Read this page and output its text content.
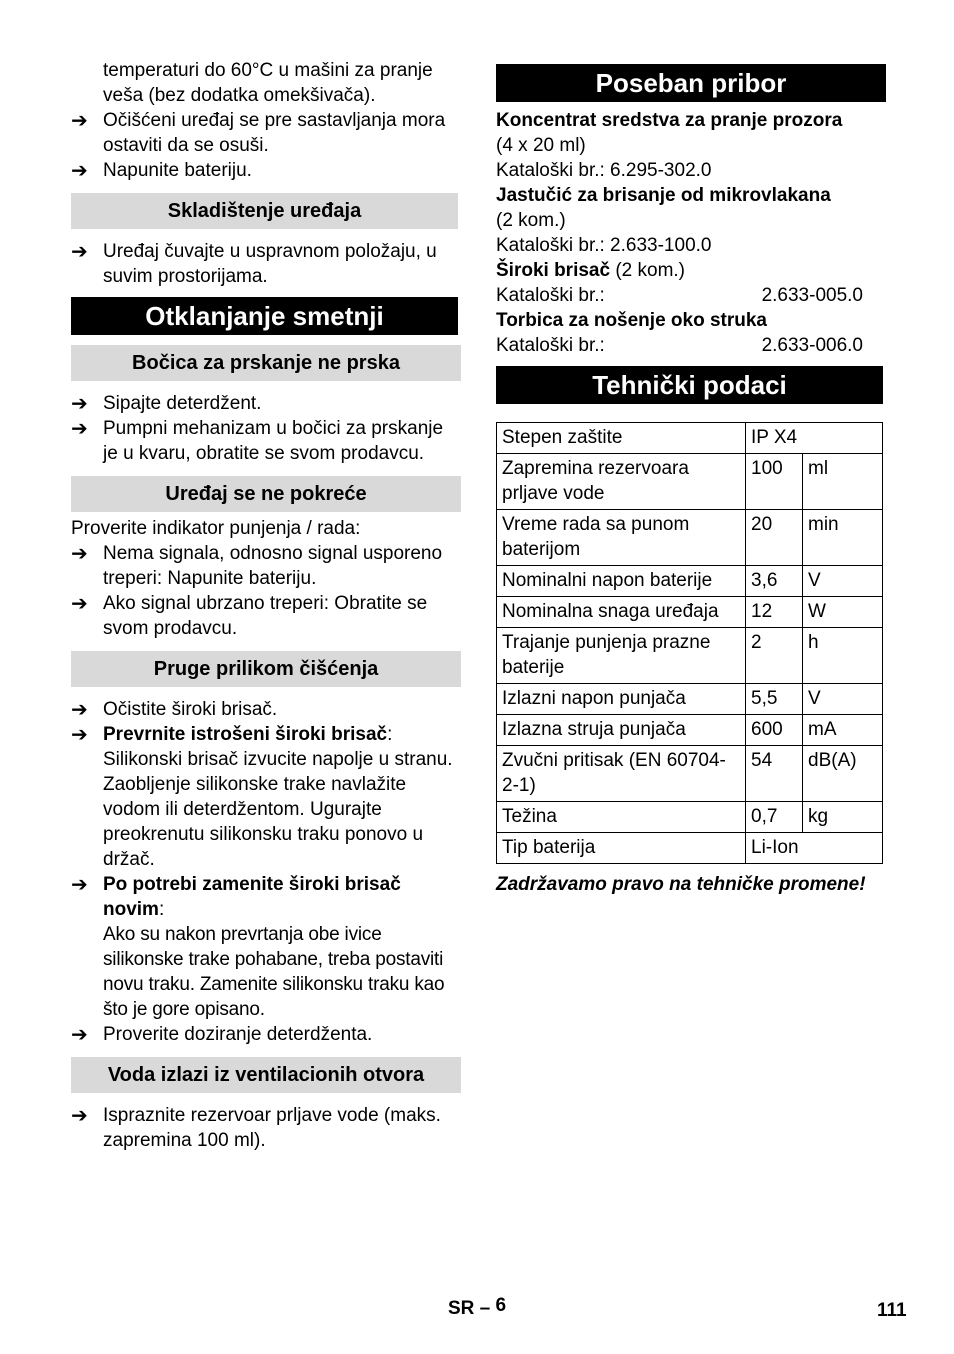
temperaturi do 60°C u mašini za pranje veša (bez dodatka omekšivača).
➔ Očišćeni uređaj se pre sastavljanja mora ostaviti da se osuši.
➔ Napunite bateriju.
Skladištenje uređaja
➔ Uređaj čuvajte u uspravnom položaju, u suvim prostorijama.
Otklanjanje smetnji
Bočica za prskanje ne prska
➔ Sipajte deterdžent.
➔ Pumpni mehanizam u bočici za prskanje je u kvaru, obratite se svom prodavcu.
Uređaj se ne pokreće
Proverite indikator punjenja / rada:
➔ Nema signala, odnosno signal usporeno treperi: Napunite bateriju.
➔ Ako signal ubrzano treperi: Obratite se svom prodavcu.
Pruge prilikom čišćenja
➔ Očistite široki brisač.
➔ Prevrnite istrošeni široki brisač:
Silikonski brisač izvucite napolje u stranu. Zaobljenje silikonske trake navlažite vodom ili deterdžentom. Ugurajte preokrenutu silikonsku traku ponovo u držač.
➔ Po potrebi zamenite široki brisač novim:
Ako su nakon prevrtanja obe ivice silikonske trake pohabane, treba postaviti novu traku. Zamenite silikonsku traku kao što je gore opisano.
➔ Proverite doziranje deterdženta.
Voda izlazi iz ventilacionih otvora
➔ Ispraznite rezervoar prljave vode (maks. zapremina 100 ml).
Poseban pribor
Koncentrat sredstva za pranje prozora
(4 x 20 ml)
Kataloški br.: 6.295-302.0
Jastučić za brisanje od mikrovlakana
(2 kom.)
Kataloški br.: 2.633-100.0
Široki brisač (2 kom.)
Kataloški br.:	2.633-005.0
Torbica za nošenje oko struka
Kataloški br.:	2.633-006.0
Tehnički podaci
Stepen zaštite	IP X4	
Zapremina rezervoara prljave vode	100	ml
Vreme rada sa punom baterijom	20	min
Nominalni napon baterije	3,6	V
Nominalna snaga uređaja	12	W
Trajanje punjenja prazne baterije	2	h
Izlazni napon punjača	5,5	V
Izlazna struja punjača	600	mA
Zvučni pritisak (EN 60704-2-1)	54	dB(A)
Težina	0,7	kg
Tip baterija	Li-Ion	
Zadržavamo pravo na tehničke promene!
SR – 6	111
